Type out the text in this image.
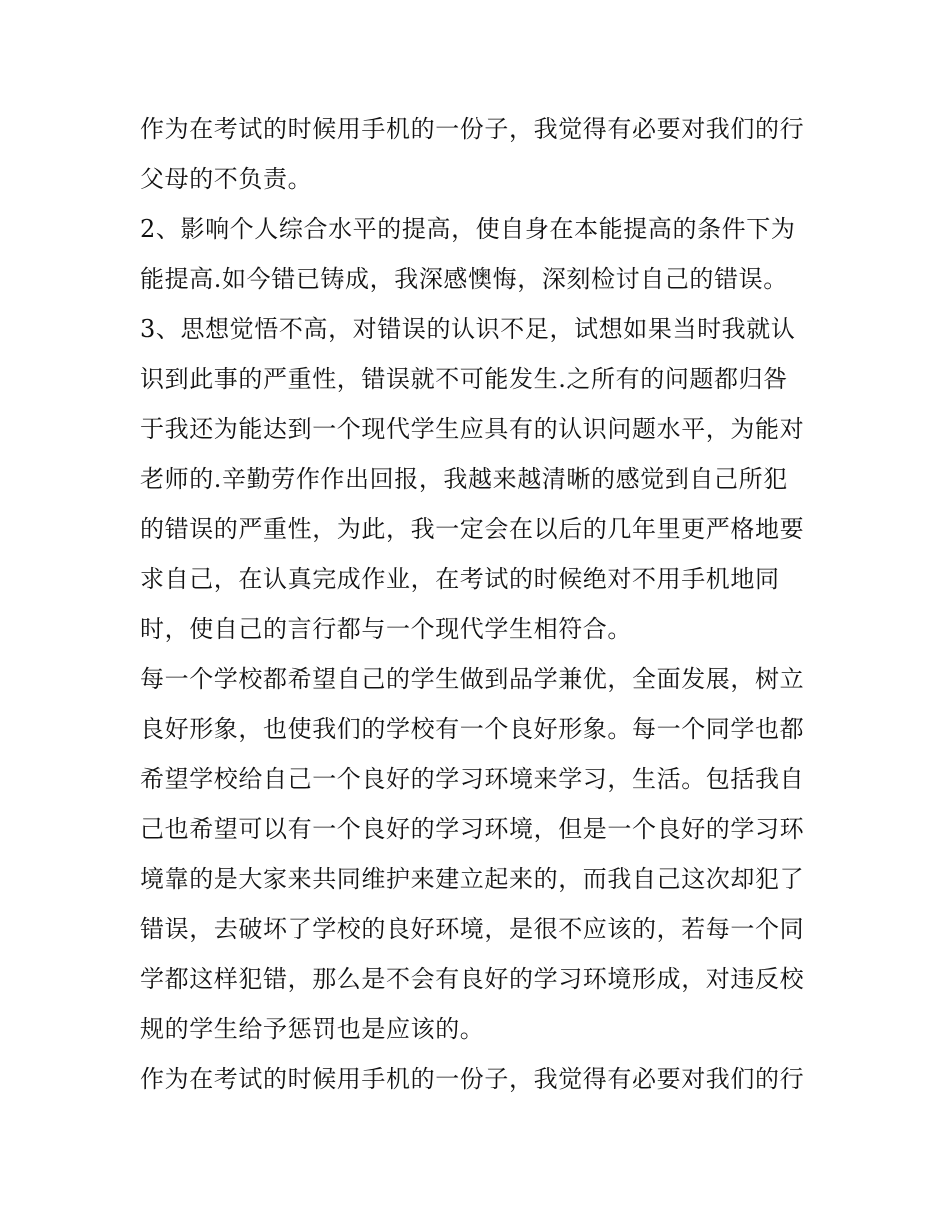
作为在考试的时候用手机的一份子，我觉得有必要对我们的行
父母的不负责。
2、影响个人综合水平的提高，使自身在本能提高的条件下为
能提高.如今错已铸成，我深感懊悔，深刻检讨自己的错误。
3、思想觉悟不高，对错误的认识不足，试想如果当时我就认
识到此事的严重性，错误就不可能发生.之所有的问题都归咎
于我还为能达到一个现代学生应具有的认识问题水平，为能对
老师的.辛勤劳作作出回报，我越来越清晰的感觉到自己所犯
的错误的严重性，为此，我一定会在以后的几年里更严格地要
求自己，在认真完成作业，在考试的时候绝对不用手机地同
时，使自己的言行都与一个现代学生相符合。
每一个学校都希望自己的学生做到品学兼优，全面发展，树立
良好形象，也使我们的学校有一个良好形象。每一个同学也都
希望学校给自己一个良好的学习环境来学习，生活。包括我自
己也希望可以有一个良好的学习环境，但是一个良好的学习环
境靠的是大家来共同维护来建立起来的，而我自己这次却犯了
错误，去破坏了学校的良好环境，是很不应该的，若每一个同
学都这样犯错，那么是不会有良好的学习环境形成，对违反校
规的学生给予惩罚也是应该的。
作为在考试的时候用手机的一份子，我觉得有必要对我们的行
